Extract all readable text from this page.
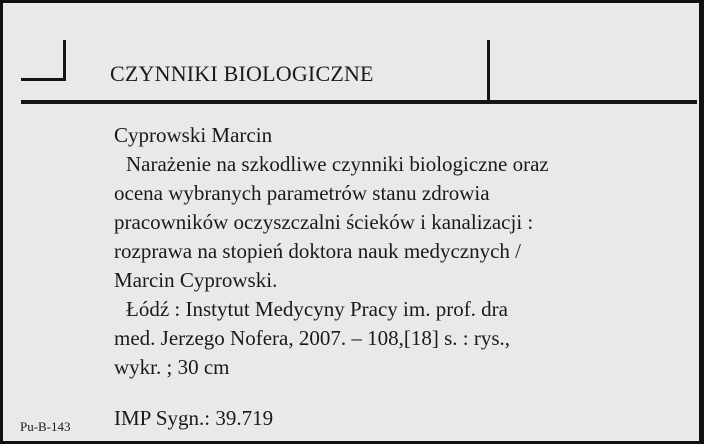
CZYNNIKI BIOLOGICZNE
Cyprowski Marcin
Narażenie na szkodliwe czynniki biologiczne oraz
ocena wybranych parametrów stanu zdrowia
pracowników oczyszczalni ścieków i kanalizacji :
rozprawa na stopień doktora nauk medycznych /
Marcin Cyprowski.
Łódź : Instytut Medycyny Pracy im. prof. dra
med. Jerzego Nofera, 2007. – 108,[18] s. : rys.,
wykr. ; 30 cm
IMP Sygn.: 39.719
Pu-B-143
